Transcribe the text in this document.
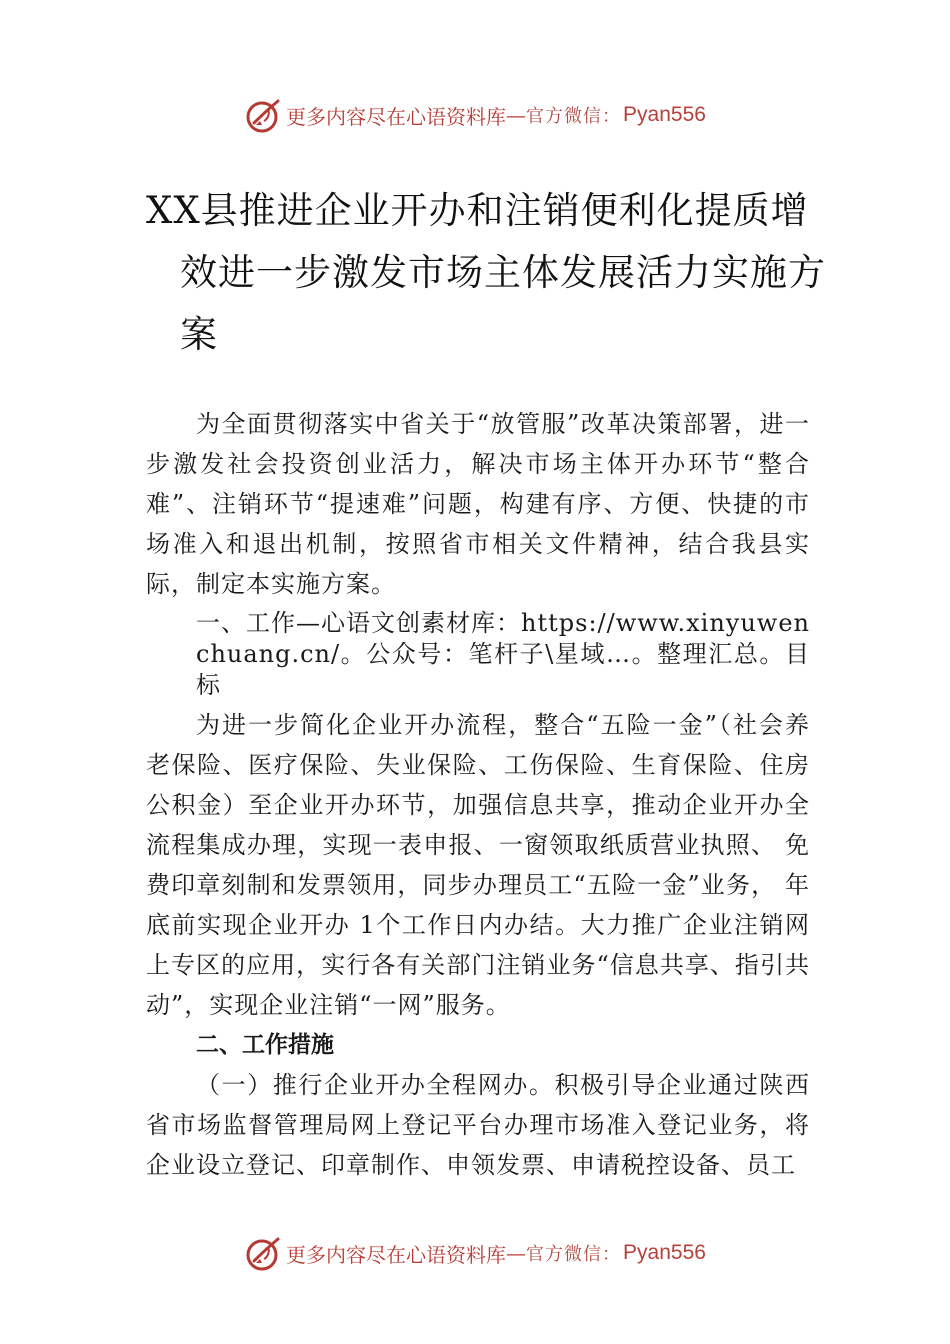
更多内容尽在心语资料库 — 官方微信： Pyan556
XX县推进企业开办和注销便利化提质增
效进一步激发市场主体发展活力实施方
案

为全面贯彻落实中省关于“放管服”改革决策部署，进一步激发社会投资创业活力，解决市场主体开办环节“整合难”、注销环节“提速难”问题，构建有序、方便、快捷的市场准入和退出机制，按照省市相关文件精神，结合我县实际，制定本实施方案。

一、工作—心语文创素材库：https://www.xinyuwenchuang.cn/。公众号：笔杆子\星域…。整理汇总。目标

为进一步简化企业开办流程，整合“五险一金”（社会养老保险、医疗保险、失业保险、工伤保险、生育保险、住房公积金）至企业开办环节，加强信息共享，推动企业开办全流程集成办理，实现一表申报、一窗领取纸质营业执照、 免费印章刻制和发票领用，同步办理员工“五险一金”业务， 年底前实现企业开办 1个工作日内办结。大力推广企业注销网上专区的应用，实行各有关部门注销业务“信息共享、指引共动”，实现企业注销“一网”服务。

二、工作措施

（一）推行企业开办全程网办。积极引导企业通过陕西省市场监督管理局网上登记平台办理市场准入登记业务，将企业设立登记、印章制作、申领发票、申请税控设备、员工

更多内容尽在心语资料库 — 官方微信： Pyan556
